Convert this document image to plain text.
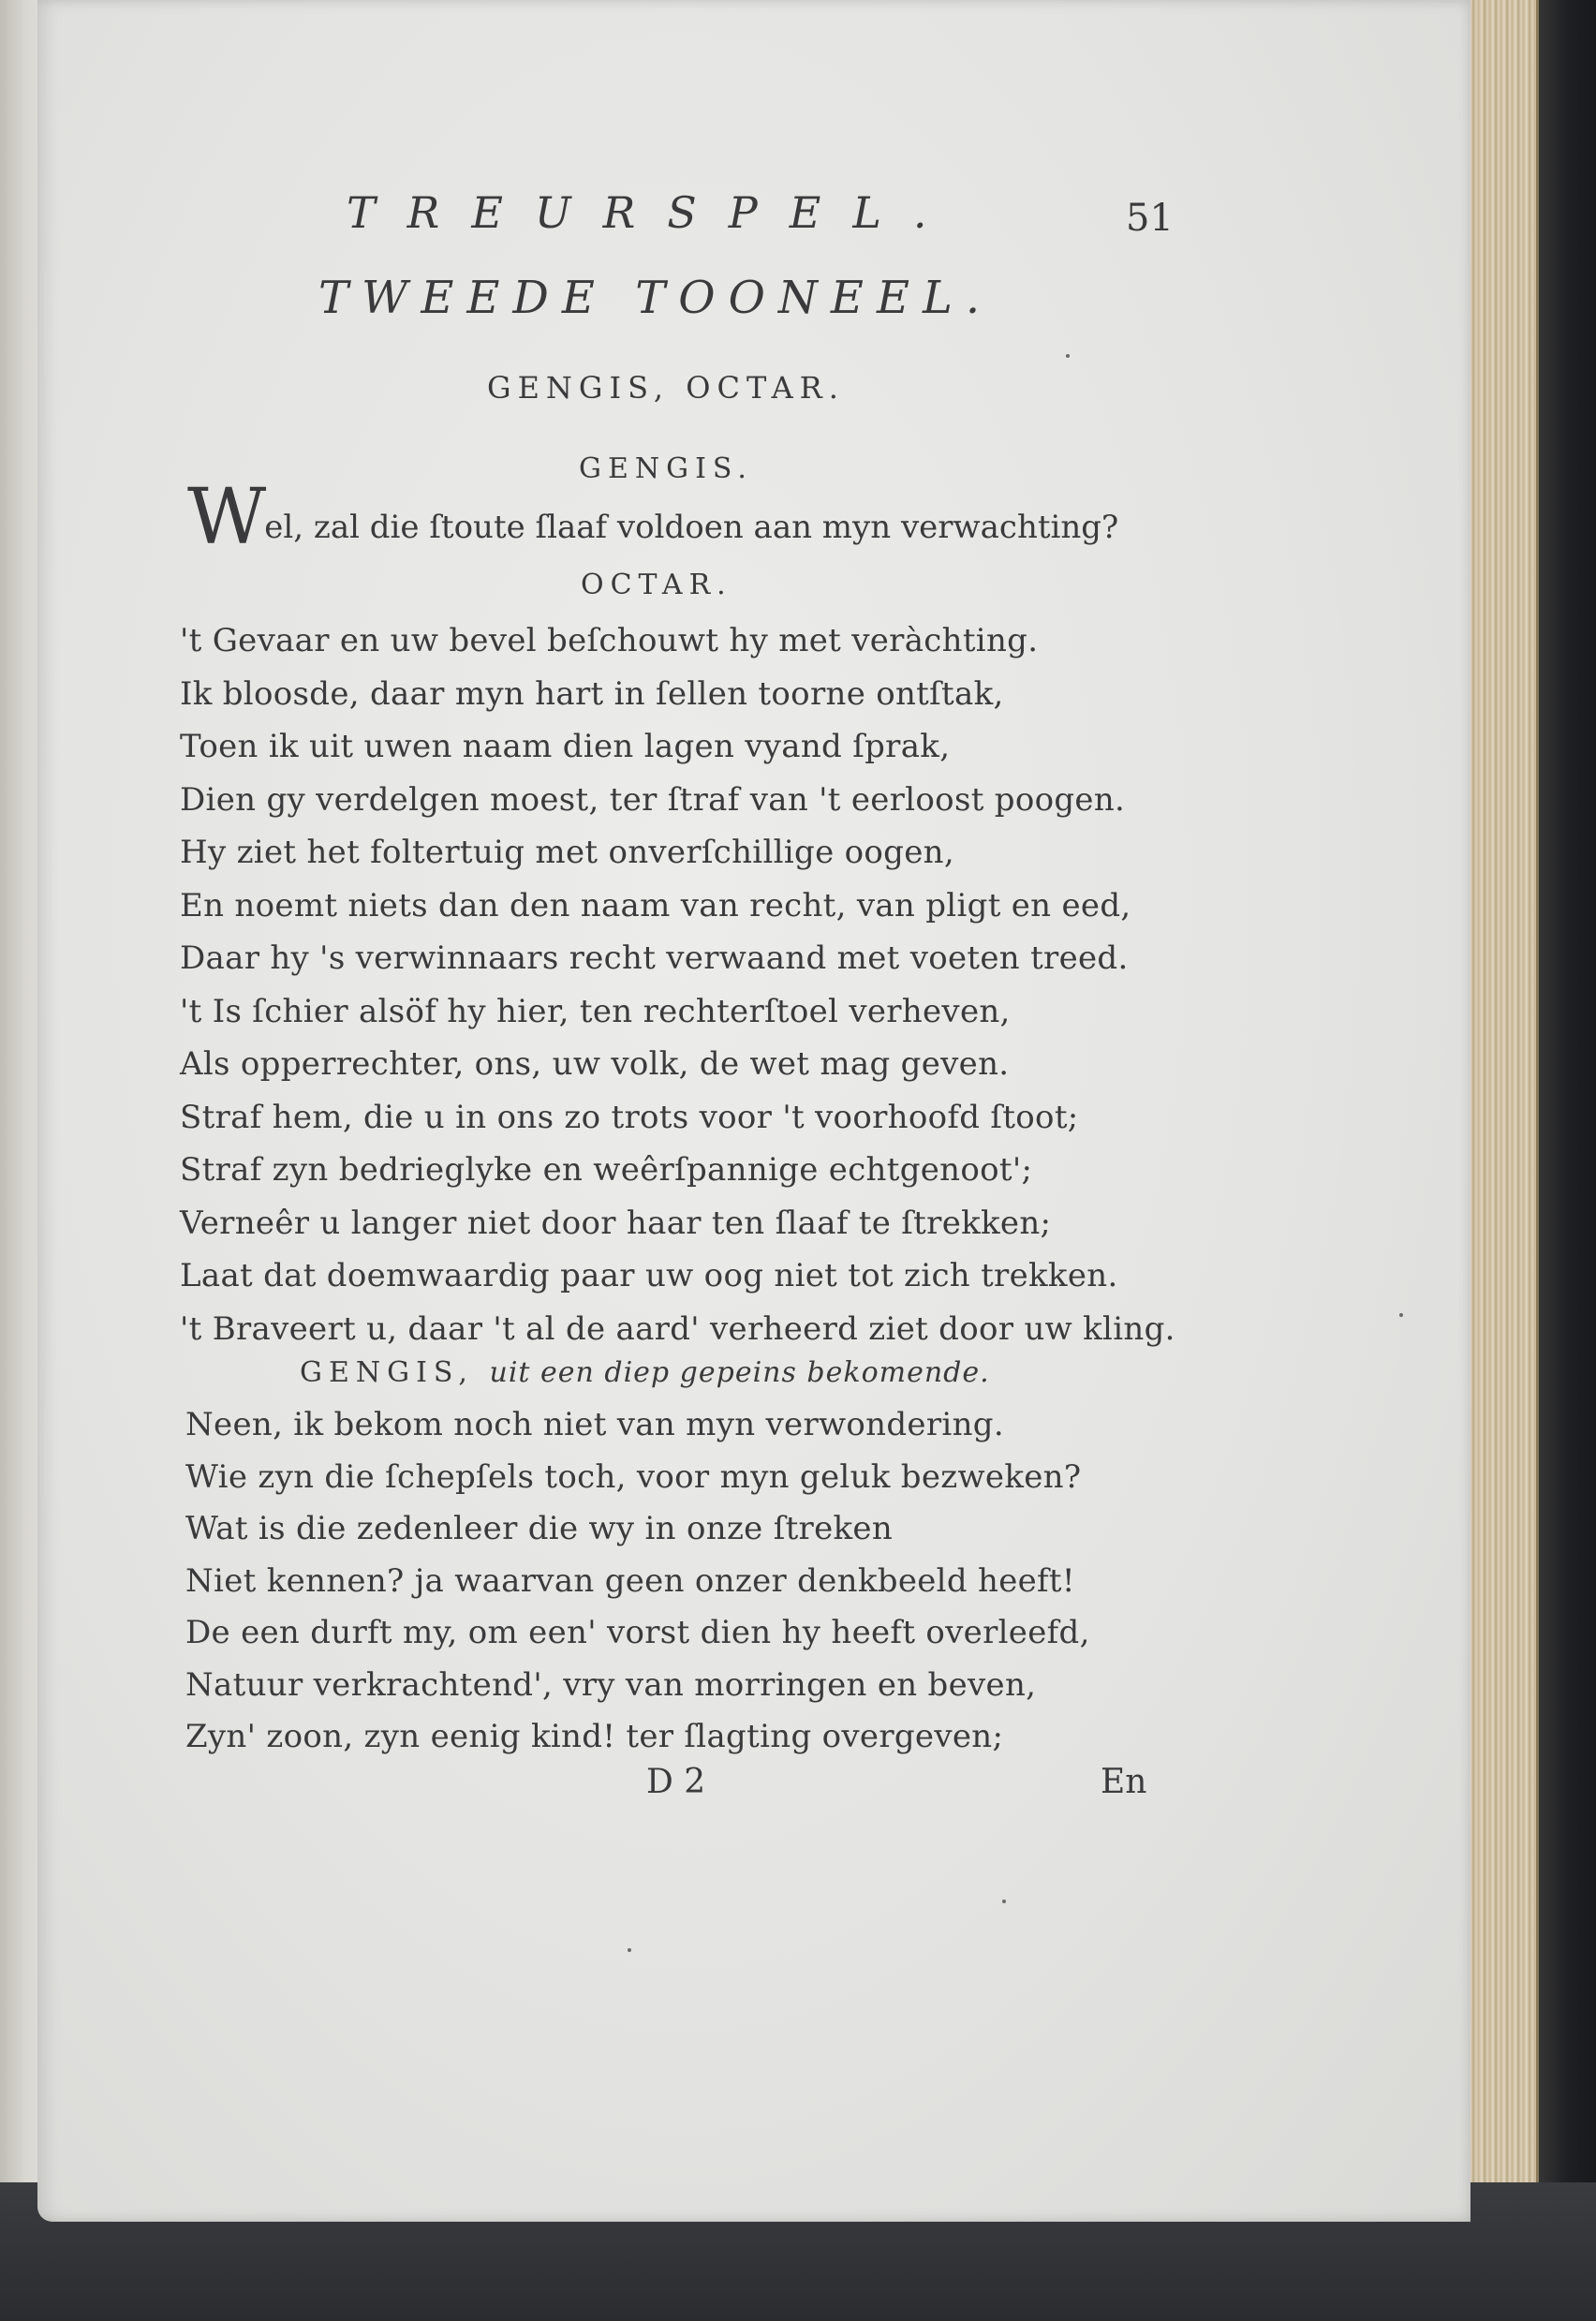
TREURSPEL.	51
TWEEDE TOONEEL.
GENGIS, OCTAR.
GENGIS.
Wel, zal die ſtoute ſlaaf voldoen aan myn verwachting?
OCTAR.
't Gevaar en uw bevel beſchouwt hy met veràchting.
Ik bloosde, daar myn hart in ſellen toorne ontſtak,
Toen ik uit uwen naam dien lagen vyand ſprak,
Dien gy verdelgen moest, ter ſtraf van 't eerloost poogen.
Hy ziet het foltertuig met onverſchillige oogen,
En noemt niets dan den naam van recht, van pligt en eed,
Daar hy 's verwinnaars recht verwaand met voeten treed.
't Is ſchier alsöf hy hier, ten rechterſtoel verheven,
Als opperrechter, ons, uw volk, de wet mag geven.
Straf hem, die u in ons zo trots voor 't voorhoofd ſtoot;
Straf zyn bedrieglyke en weêrſpannige echtgenoot';
Verneêr u langer niet door haar ten ſlaaf te ſtrekken;
Laat dat doemwaardig paar uw oog niet tot zich trekken.
't Braveert u, daar 't al de aard' verheerd ziet door uw kling.
GENGIS, uit een diep gepeins bekomende.
Neen, ik bekom noch niet van myn verwondering.
Wie zyn die ſchepſels toch, voor myn geluk bezweken?
Wat is die zedenleer die wy in onze ſtreken
Niet kennen? ja waarvan geen onzer denkbeeld heeft!
De een durft my, om een' vorst dien hy heeft overleefd,
Natuur verkrachtend', vry van morringen en beven,
Zyn' zoon, zyn eenig kind! ter ſlagting overgeven;
D 2	En
